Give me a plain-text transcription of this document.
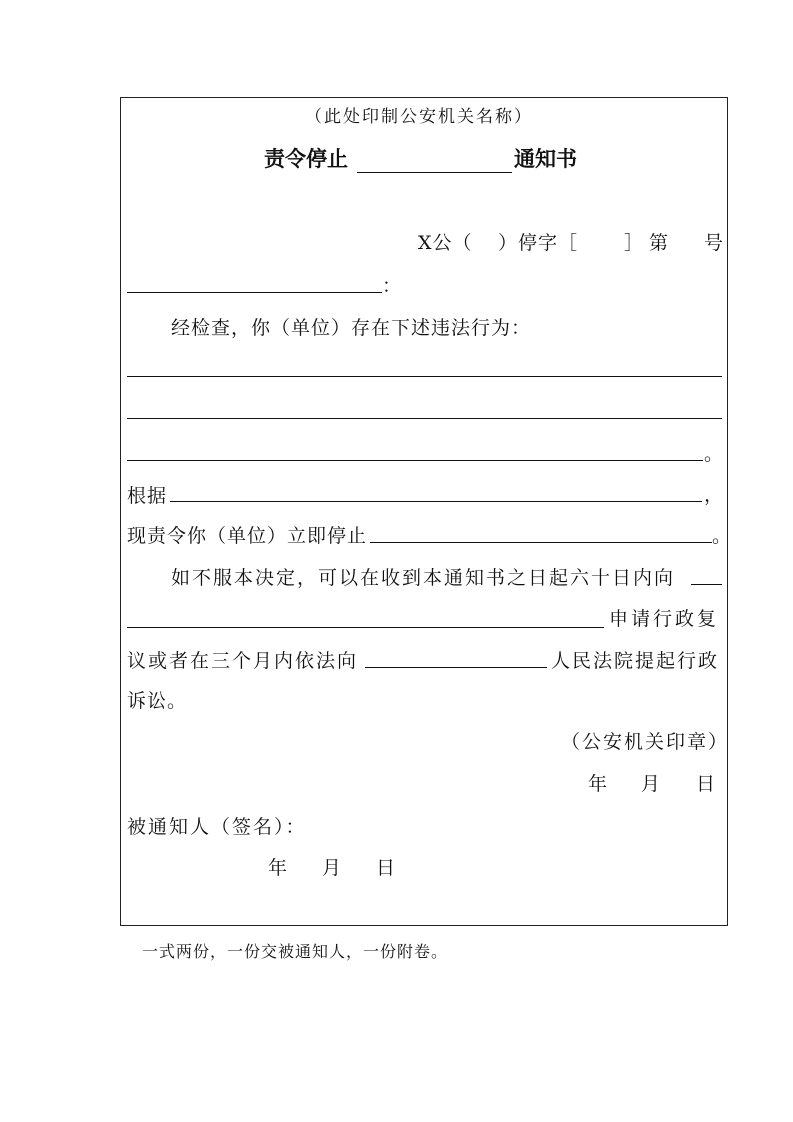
（此处印制公安机关名称）
责令停止	通知书
X公（ ）停字［ ］第 号
：
经检查，你（单位）存在下述违法行为：
。
根据	，
现责令你（单位）立即停止	。
如不服本决定，可以在收到本通知书之日起六十日内向
申请行政复
议或者在三个月内依法向	人民法院提起行政
诉讼。
（公安机关印章）
年 月 日
被通知人（签名）：
年 月 日
一式两份，一份交被通知人，一份附卷。
